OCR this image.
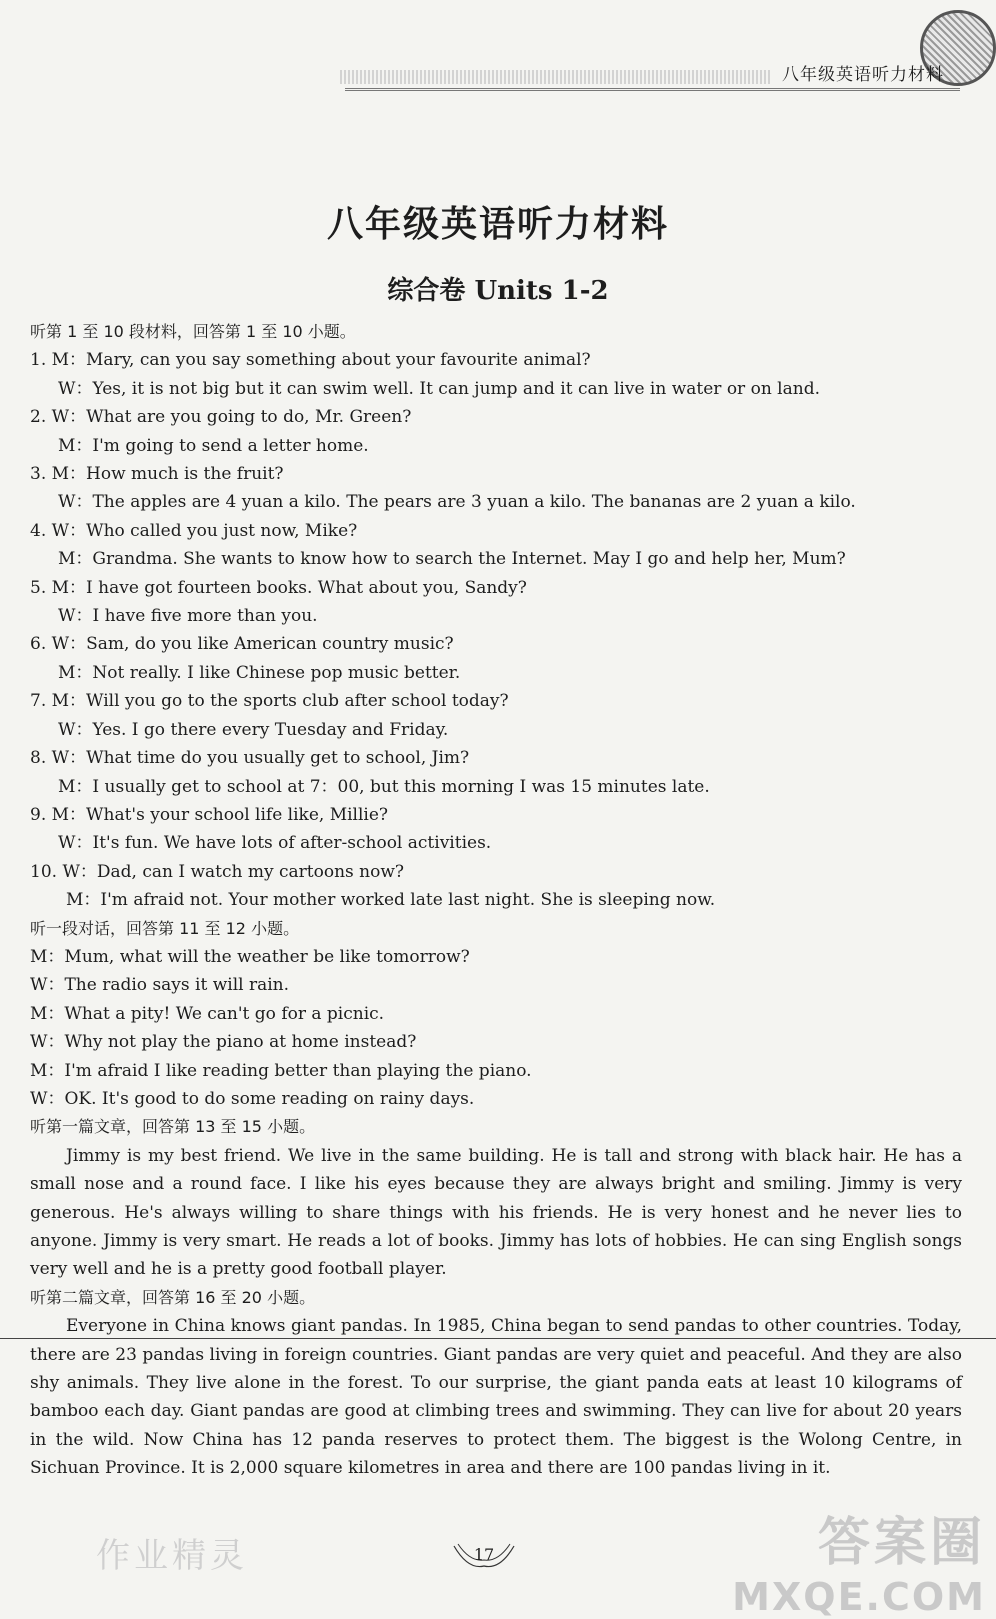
八年级英语听力材料
八年级英语听力材料
综合卷 Units 1-2
听第 1 至 10 段材料，回答第 1 至 10 小题。
1. M：Mary, can you say something about your favourite animal?
W：Yes, it is not big but it can swim well. It can jump and it can live in water or on land.
2. W：What are you going to do, Mr. Green?
M：I'm going to send a letter home.
3. M：How much is the fruit?
W：The apples are 4 yuan a kilo. The pears are 3 yuan a kilo. The bananas are 2 yuan a kilo.
4. W：Who called you just now, Mike?
M：Grandma. She wants to know how to search the Internet. May I go and help her, Mum?
5. M：I have got fourteen books. What about you, Sandy?
W：I have five more than you.
6. W：Sam, do you like American country music?
M：Not really. I like Chinese pop music better.
7. M：Will you go to the sports club after school today?
W：Yes. I go there every Tuesday and Friday.
8. W：What time do you usually get to school, Jim?
M：I usually get to school at 7：00, but this morning I was 15 minutes late.
9. M：What's your school life like, Millie?
W：It's fun. We have lots of after-school activities.
10. W：Dad, can I watch my cartoons now?
M：I'm afraid not. Your mother worked late last night. She is sleeping now.
听一段对话，回答第 11 至 12 小题。
M：Mum, what will the weather be like tomorrow?
W：The radio says it will rain.
M：What a pity! We can't go for a picnic.
W：Why not play the piano at home instead?
M：I'm afraid I like reading better than playing the piano.
W：OK. It's good to do some reading on rainy days.
听第一篇文章，回答第 13 至 15 小题。
Jimmy is my best friend. We live in the same building. He is tall and strong with black hair. He has a small nose and a round face. I like his eyes because they are always bright and smiling. Jimmy is very generous. He's always willing to share things with his friends. He is very honest and he never lies to anyone. Jimmy is very smart. He reads a lot of books. Jimmy has lots of hobbies. He can sing English songs very well and he is a pretty good football player.
听第二篇文章，回答第 16 至 20 小题。
Everyone in China knows giant pandas. In 1985, China began to send pandas to other countries. Today, there are 23 pandas living in foreign countries. Giant pandas are very quiet and peaceful. And they are also shy animals. They live alone in the forest. To our surprise, the giant panda eats at least 10 kilograms of bamboo each day. Giant pandas are good at climbing trees and swimming. They can live for about 20 years in the wild. Now China has 12 panda reserves to protect them. The biggest is the Wolong Centre, in Sichuan Province. It is 2,000 square kilometres in area and there are 100 pandas living in it.
作业精灵	17	答案圈
MXQE.COM
